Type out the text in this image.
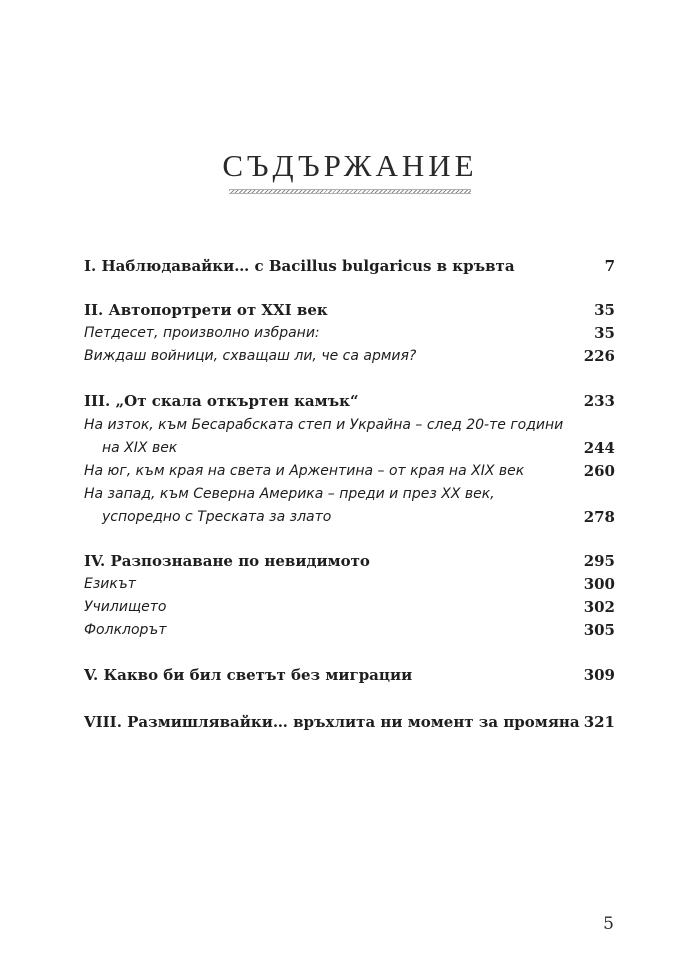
СЪДЪРЖАНИЕ
I. Наблюдавайки… с Bacillus bulgaricus в кръвта	7
II. Автопортрети от XXI век	35
Петдесет, произволно избрани:	35
Виждаш войници, схващаш ли, че са армия?	226
III. „От скала откъртен камък“	233
На изток, към Бесарабската степ и Украйна – след 20-те години
на XIX век	244
На юг, към края на света и Аржентина – от края на XIX век	260
На запад, към Северна Америка – преди и през XX век,
успоредно с Треската за злато	278
IV. Разпознаване по невидимото	295
Езикът	300
Училището	302
Фолклорът	305
V. Какво би бил светът без миграции	309
VIII. Размишлявайки… връхлита ни момент за промяна 321
5
